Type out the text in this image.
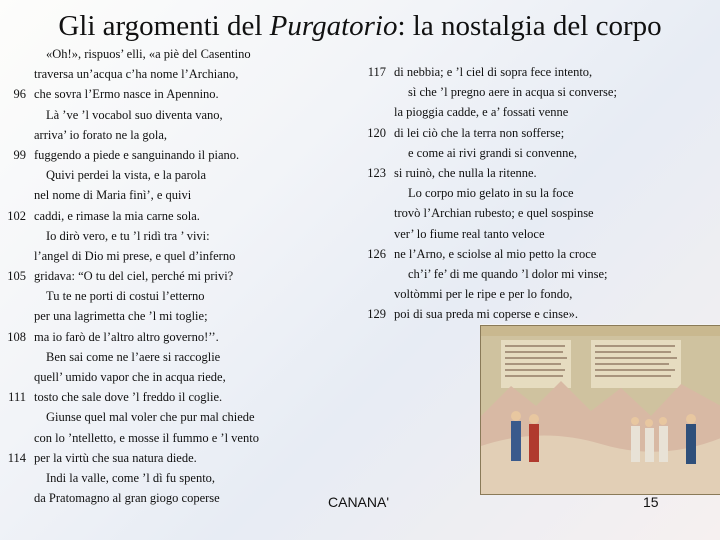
Gli argomenti del Purgatorio: la nostalgia del corpo
«Oh!», rispuos’ elli, «a piè del Casentino
traversa un’acqua c’ha nome l’Archiano,
96 che sovra l’Ermo nasce in Apennino.
Là ’ve ’l vocabol suo diventa vano,
arriva’ io forato ne la gola,
99 fuggendo a piede e sanguinando il piano.
Quivi perdei la vista, e la parola
nel nome di Maria finì’, e quivi
102 caddi, e rimase la mia carne sola.
Io dirò vero, e tu ’l ridì tra ’ vivi:
l’angel di Dio mi prese, e quel d’inferno
105 gridava: “O tu del ciel, perché mi privi?
Tu te ne porti di costui l’etterno
per una lagrimetta che ’l mi toglie;
108 ma io farò de l’altro altro governo!’’.
Ben sai come ne l’aere si raccoglie
quell’ umido vapor che in acqua riede,
111 tosto che sale dove ’l freddo il coglie.
Giunse quel mal voler che pur mal chiede
con lo ’ntelletto, e mosse il fummo e ’l vento
114 per la virtù che sua natura diede.
Indi la valle, come ’l dì fu spento,
da Pratomagno al gran giogo coperse
117 di nebbia; e ’l ciel di sopra fece intento,
sì che ’l pregno aere in acqua si converse;
la pioggia cadde, e a’ fossati venne
120 di lei ciò che la terra non sofferse;
e come ai rivi grandi si convenne,
123 si ruinò, che nulla la ritenne.
Lo corpo mio gelato in su la foce
trovò l’Archian rubesto; e quel sospinse
ver’ lo fiume real tanto veloce
126 ne l’Arno, e sciolse al mio petto la croce
ch’i’ fe’ di me quando ’l dolor mi vinse;
voltòmmi per le ripe e per lo fondo,
129 poi di sua preda mi coperse e cinse».
CANANA'	15
